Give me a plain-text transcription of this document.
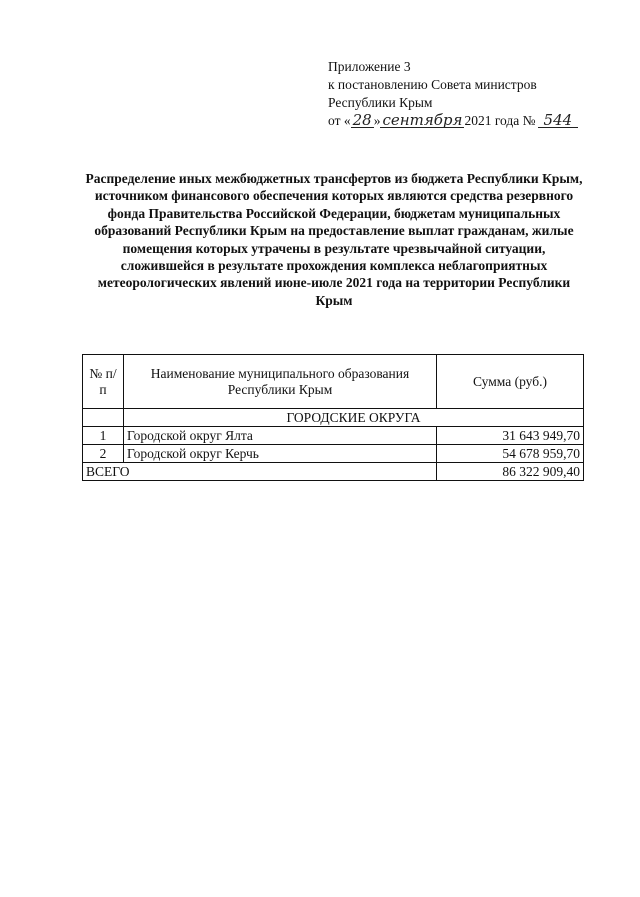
Приложение 3
к постановлению Совета министров
Республики Крым
от « 28 » сентября 2021 года № 544
Распределение иных межбюджетных трансфертов из бюджета Республики Крым, источником финансового обеспечения которых являются средства резервного фонда Правительства Российской Федерации, бюджетам муниципальных образований Республики Крым на предоставление выплат гражданам, жилые помещения которых утрачены в результате чрезвычайной ситуации, сложившейся в результате прохождения комплекса неблагоприятных метеорологических явлений июне-июле 2021 года на территории Республики Крым
№ п/п	Наименование муниципального образования Республики Крым	Сумма (руб.)
	ГОРОДСКИЕ ОКРУГА	
1	Городской округ Ялта	31 643 949,70
2	Городской округ Керчь	54 678 959,70
ВСЕГО		86 322 909,40
